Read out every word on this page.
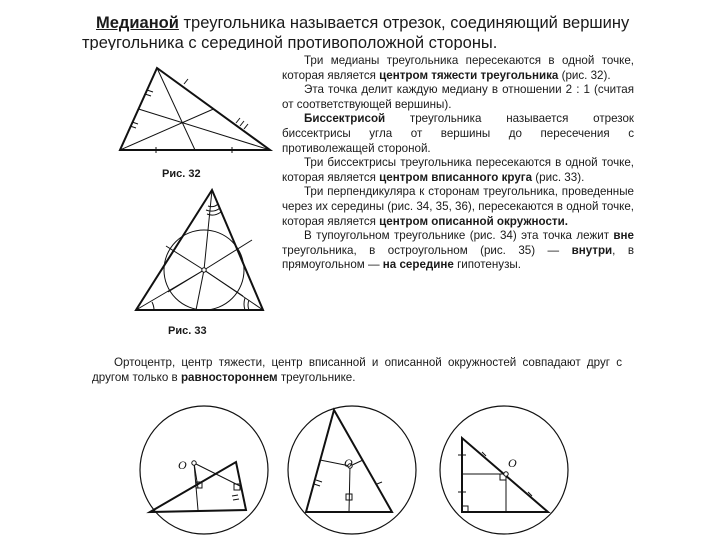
Медианой треугольника называется отрезок, соединяющий вершину
треугольника с серединой противоположной стороны.

Три медианы треугольника пересекаются в одной точке, которая является центром тяжести треугольника (рис. 32).

Эта точка делит каждую медиану в отношении 2 : 1 (считая от соответствующей вершины).

Биссектрисой треугольника называется отрезок биссектрисы угла от вершины до пересечения с противолежащей стороной.

Три биссектрисы треугольника пересекаются в одной точке, которая является центром вписанного круга (рис. 33).

Три перпендикуляра к сторонам треугольника, проведенные через их середины (рис. 34, 35, 36), пересекаются в одной точке, которая является центром описанной окружности.

В тупоугольном треугольнике (рис. 34) эта точка лежит вне треугольника, в остроугольном (рис. 35) — внутри, в прямоугольном — на середине гипотенузы.

Ортоцентр, центр тяжести, центр вписанной и описанной окружностей совпадают друг с другом только в равностороннем треугольнике.
Рис. 32
Рис. 33
O	O	O
